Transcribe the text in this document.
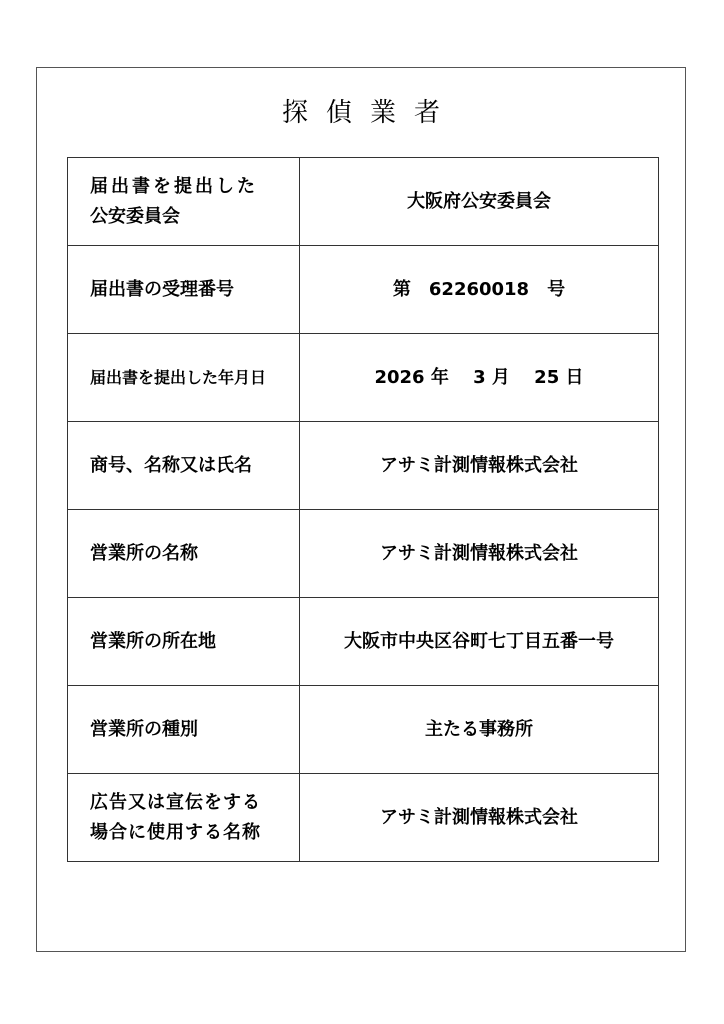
探偵業者
届出書を提出した
公安委員会	大阪府公安委員会

届出書の受理番号	第　62260018　号

届出書を提出した年月日	2026 年　 3 月　 25 日

商号、名称又は氏名	アサミ計測情報株式会社

営業所の名称	アサミ計測情報株式会社

営業所の所在地	大阪市中央区谷町七丁目五番一号

営業所の種別	主たる事務所

広告又は宣伝をする
場合に使用する名称	アサミ計測情報株式会社
